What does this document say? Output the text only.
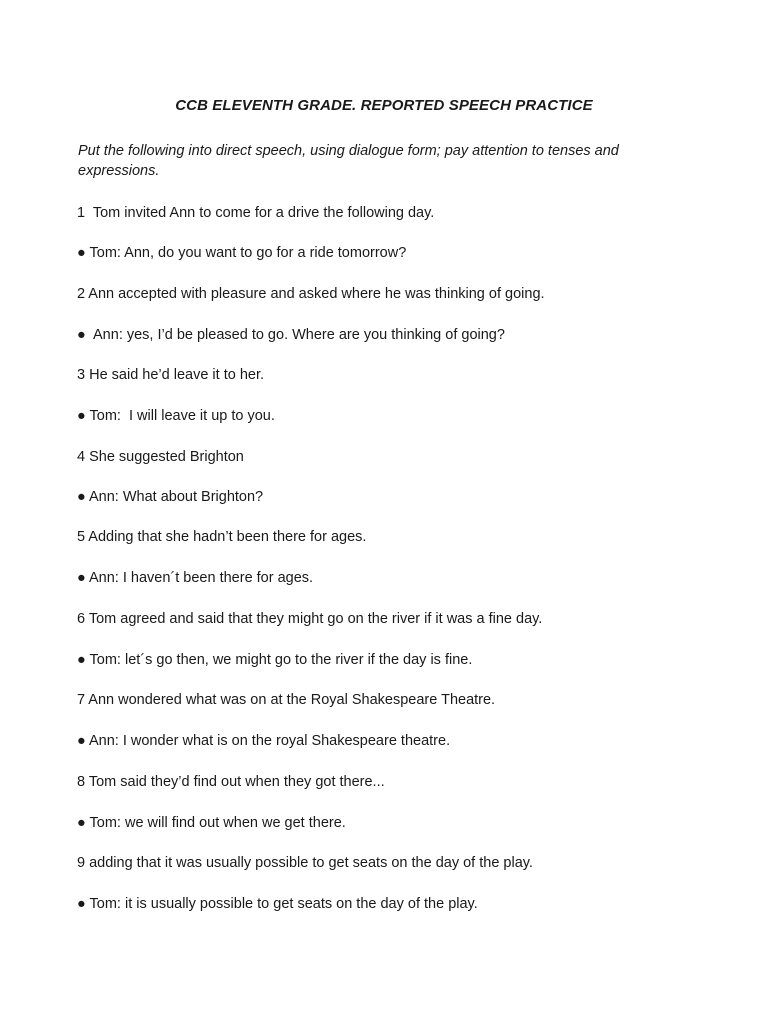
CCB ELEVENTH GRADE. REPORTED SPEECH PRACTICE

Put the following into direct speech, using dialogue form; pay attention to tenses and expressions.

1  Tom invited Ann to come for a drive the following day.

● Tom: Ann, do you want to go for a ride tomorrow?

2 Ann accepted with pleasure and asked where he was thinking of going.

●  Ann: yes, I’d be pleased to go. Where are you thinking of going?

3 He said he’d leave it to her.

● Tom:  I will leave it up to you.

4 She suggested Brighton

● Ann: What about Brighton?

5 Adding that she hadn’t been there for ages.

● Ann: I haven´t been there for ages.

6 Tom agreed and said that they might go on the river if it was a fine day.

● Tom: let´s go then, we might go to the river if the day is fine.

7 Ann wondered what was on at the Royal Shakespeare Theatre.

● Ann: I wonder what is on the royal Shakespeare theatre.

8 Tom said they’d find out when they got there...

● Tom: we will find out when we get there.

9 adding that it was usually possible to get seats on the day of the play.

● Tom: it is usually possible to get seats on the day of the play.
